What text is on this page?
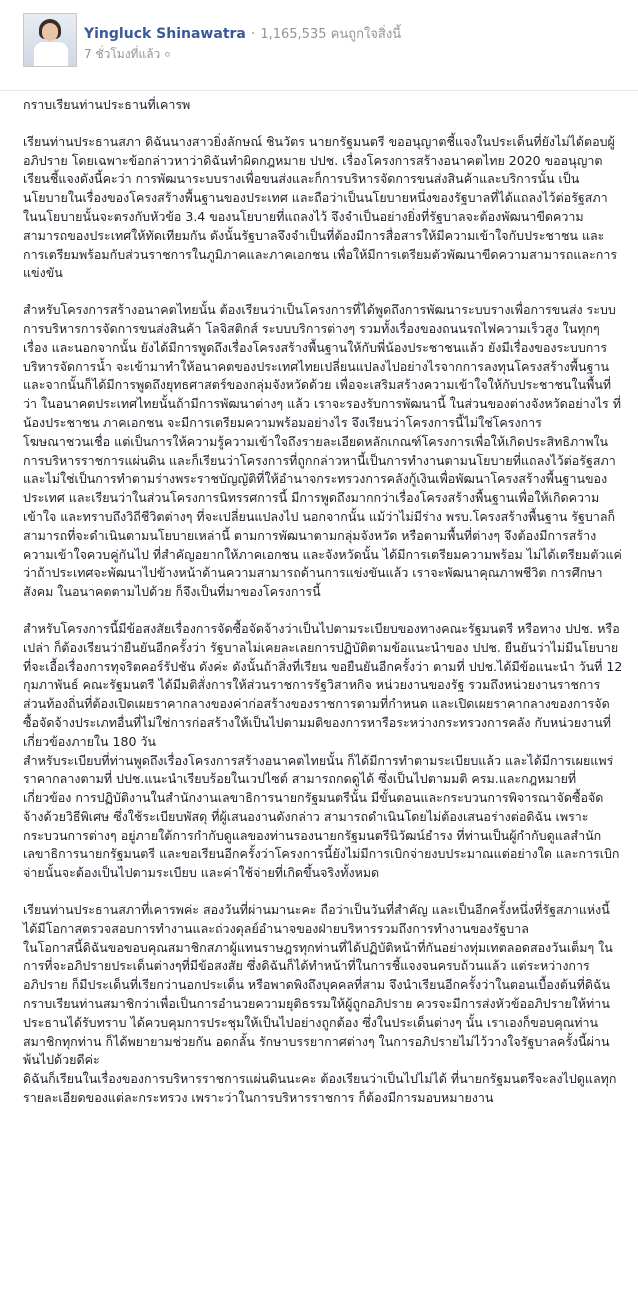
Yingluck Shinawatra · 1,165,535 คนถูกใจสิ่งนี้
7 ชั่วโมงที่แล้ว ⚪

กราบเรียนท่านประธานที่เคารพ

เรียนท่านประธานสภา ดิฉันนางสาวยิ่งลักษณ์ ชินวัตร นายกรัฐมนตรี ขออนุญาตชี้แจงในประเด็นที่ยังไม่ได้ตอบผู้อภิปราย โดยเฉพาะข้อกล่าวหาว่าดิฉันทำผิดกฎหมาย ปปช. เรื่องโครงการสร้างอนาคตไทย 2020 ขออนุญาตเรียนชี้แจงดังนี้คะว่า การพัฒนาระบบรางเพื่อขนส่งและก็การบริหารจัดการขนส่งสินค้าและบริการนั้น เป็นนโยบายในเรื่องของโครงสร้างพื้นฐานของประเทศ และถือว่าเป็นนโยบายหนึ่งของรัฐบาลที่ได้แถลงไว้ต่อรัฐสภา ในนโยบายนั้นจะตรงกับหัวข้อ 3.4 ของนโยบายที่แถลงไว้ จึงจำเป็นอย่างยิ่งที่รัฐบาลจะต้องพัฒนาขีดความสามารถของประเทศให้ทัดเทียมกัน ดังนั้นรัฐบาลจึงจำเป็นที่ต้องมีการสื่อสารให้มีความเข้าใจกับประชาชน และการเตรียมพร้อมกับส่วนราชการในภูมิภาคและภาคเอกชน เพื่อให้มีการเตรียมตัวพัฒนาขีดความสามารถและการแข่งขัน

สำหรับโครงการสร้างอนาคตไทยนั้น ต้องเรียนว่าเป็นโครงการที่ได้พูดถึงการพัฒนาระบบรางเพื่อการขนส่ง ระบบการบริหารการจัดการขนส่งสินค้า โลจิสติกส์ ระบบบริการต่างๆ รวมทั้งเรื่องของถนนรถไฟความเร็วสูง ในทุกๆ เรื่อง และนอกจากนั้น ยังได้มีการพูดถึงเรื่องโครงสร้างพื้นฐานให้กับพี่น้องประชาชนแล้ว ยังมีเรื่องของระบบการบริหารจัดการน้ำ จะเข้ามาทำให้อนาคตของประเทศไทยเปลี่ยนแปลงไปอย่างไรจากการลงทุนโครงสร้างพื้นฐาน และจากนั้นก็ได้มีการพูดถึงยุทธศาสตร์ของกลุ่มจังหวัดด้วย เพื่อจะเสริมสร้างความเข้าใจให้กับประชาชนในพื้นที่ว่า ในอนาคตประเทศไทยนั้นถ้ามีการพัฒนาต่างๆ แล้ว เราจะรองรับการพัฒนานี้ ในส่วนของต่างจังหวัดอย่างไร ที่น้องประชาชน ภาคเอกชน จะมีการเตรียมความพร้อมอย่างไร จึงเรียนว่าโครงการนี้ไม่ใช่โครงการโฆษณาชวนเชื่อ แต่เป็นการให้ความรู้ความเข้าใจถึงรายละเอียดหลักเกณฑ์โครงการเพื่อให้เกิดประสิทธิภาพในการบริหารราชการแผ่นดิน และก็เรียนว่าโครงการที่ถูกกล่าวหานี้เป็นการทำงานตามนโยบายที่แถลงไว้ต่อรัฐสภา และไม่ใช่เป็นการทำตามร่างพระราชบัญญัติที่ให้อำนาจกระทรวงการคลังกู้เงินเพื่อพัฒนาโครงสร้างพื้นฐานของประเทศ และเรียนว่าในส่วนโครงการนิทรรศการนี้ มีการพูดถึงมากกว่าเรื่องโครงสร้างพื้นฐานเพื่อให้เกิดความเข้าใจ และทราบถึงวิถีชีวิตต่างๆ ที่จะเปลี่ยนแปลงไป นอกจากนั้น แม้ว่าไม่มีร่าง พรบ.โครงสร้างพื้นฐาน รัฐบาลก็สามารถที่จะดำเนินตามนโยบายเหล่านี้ ตามการพัฒนาตามกลุ่มจังหวัด หรือตามพื้นที่ต่างๆ จึงต้องมีการสร้างความเข้าใจควบคู่กันไป ที่สำคัญอยากให้ภาคเอกชน และจังหวัดนั้น ได้มีการเตรียมความพร้อม ไม่ได้เตรียมตัวแค่ว่าถ้าประเทศจะพัฒนาไปข้างหน้าด้านความสามารถด้านการแข่งขันแล้ว เราจะพัฒนาคุณภาพชีวิต การศึกษา สังคม ในอนาคตตามไปด้วย ก็จึงเป็นที่มาของโครงการนี้

สำหรับโครงการนี้มีข้อสงสัยเรื่องการจัดซื้อจัดจ้างว่าเป็นไปตามระเบียบของทางคณะรัฐมนตรี หรือทาง ปปช. หรือเปล่า ก็ต้องเรียนว่ายืนยันอีกครั้งว่า รัฐบาลไม่เคยละเลยการปฏิบัติตามข้อแนะนำของ ปปช. ยืนยันว่าไม่มีนโยบายที่จะเอื้อเรื่องการทุจริตคอร์รัปชัน ดังค่ะ ดังนั้นถ้าสิ่งที่เรียน ขอยืนยันอีกครั้งว่า ตามที่ ปปช.ได้มีข้อแนะนำ วันที่ 12 กุมภาพันธ์ คณะรัฐมนตรี ได้มีมติสั่งการให้ส่วนราชการรัฐวิสาหกิจ หน่วยงานของรัฐ รวมถึงหน่วยงานราชการส่วนท้องถิ่นที่ต้องเปิดเผยราคากลางของค่าก่อสร้างของราชการตามที่กำหนด และเปิดเผยราคากลางของการจัดซื้อจัดจ้างประเภทอื่นที่ไม่ใช่การก่อสร้างให้เป็นไปตามมติของการหารือระหว่างกระทรวงการคลัง กับหน่วยงานที่เกี่ยวข้องภายใน 180 วัน

สำหรับระเบียบที่ท่านพูดถึงเรื่องโครงการสร้างอนาคตไทยนั้น ก็ได้มีการทำตามระเบียบแล้ว และได้มีการเผยแพร่ราคากลางตามที่ ปปช.แนะนำเรียบร้อยในเวปไซต์ สามารถกดดูได้ ซึ่งเป็นไปตามมติ ครม.และกฎหมายที่เกี่ยวข้อง การปฏิบัติงานในสำนักงานเลขาธิการนายกรัฐมนตรีนั้น มีขั้นตอนและกระบวนการพิจารณาจัดซื้อจัดจ้างด้วยวิธีพิเศษ ซึ่งใช้ระเบียบพัสดุ ที่ผู้เสนองานดังกล่าว สามารถดำเนินโดยไม่ต้องเสนอร่างต่อดิฉัน เพราะกระบวนการต่างๆ อยู่ภายใต้การกำกับดูแลของท่านรองนายกรัฐมนตรีนิวัฒน์ธำรง ที่ท่านเป็นผู้กำกับดูแลสำนักเลขาธิการนายกรัฐมนตรี และขอเรียนอีกครั้งว่าโครงการนี้ยังไม่มีการเบิกจ่ายงบประมาณแต่อย่างใด และการเบิกจ่ายนั้นจะต้องเป็นไปตามระเบียบ และค่าใช้จ่ายที่เกิดขึ้นจริงทั้งหมด

เรียนท่านประธานสภาที่เคารพค่ะ สองวันที่ผ่านมานะคะ ถือว่าเป็นวันที่สำคัญ และเป็นอีกครั้งหนึ่งที่รัฐสภาแห่งนี้ ได้มีโอกาสตรวจสอบการทำงานและถ่วงดุลย์อำนาจของฝ่ายบริหารรวมถึงการทำงานของรัฐบาล

ในโอกาสนี้ดิฉันขอขอบคุณสมาชิกสภาผู้แทนราษฎรทุกท่านที่ได้ปฏิบัติหน้าที่กันอย่างทุ่มเทตลอดสองวันเต็มๆ ในการที่จะอภิปรายประเด็นต่างๆที่มีข้อสงสัย ซึ่งดิฉันก็ได้ทำหน้าที่ในการชี้แจงจนครบถ้วนแล้ว แต่ระหว่างการอภิปราย ก็มีประเด็นที่เรียกว่านอกประเด็น หรือพาดพิงถึงบุคคลที่สาม จึงนำเรียนอีกครั้งว่าในตอนเบื้องต้นที่ดิฉันกราบเรียนท่านสมาชิกว่าเพื่อเป็นการอำนวยความยุติธรรมให้ผู้ถูกอภิปราย ควรจะมีการส่งหัวข้ออภิปรายให้ท่านประธานได้รับทราบ ได้ควบคุมการประชุมให้เป็นไปอย่างถูกต้อง ซึ่งในประเด็นต่างๆ นั้น เราเองก็ขอบคุณท่านสมาชิกทุกท่าน ก็ได้พยายามช่วยกัน อดกลั้น รักษาบรรยากาศต่างๆ ในการอภิปรายไม่ไว้วางใจรัฐบาลครั้งนี้ผ่านพ้นไปด้วยดีค่ะ

ดิฉันก็เรียนในเรื่องของการบริหารราชการแผ่นดินนะคะ ต้องเรียนว่าเป็นไปไม่ได้ ที่นายกรัฐมนตรีจะลงไปดูแลทุกรายละเอียดของแต่ละกระทรวง เพราะว่าในการบริหารราชการ ก็ต้องมีการมอบหมายงาน
